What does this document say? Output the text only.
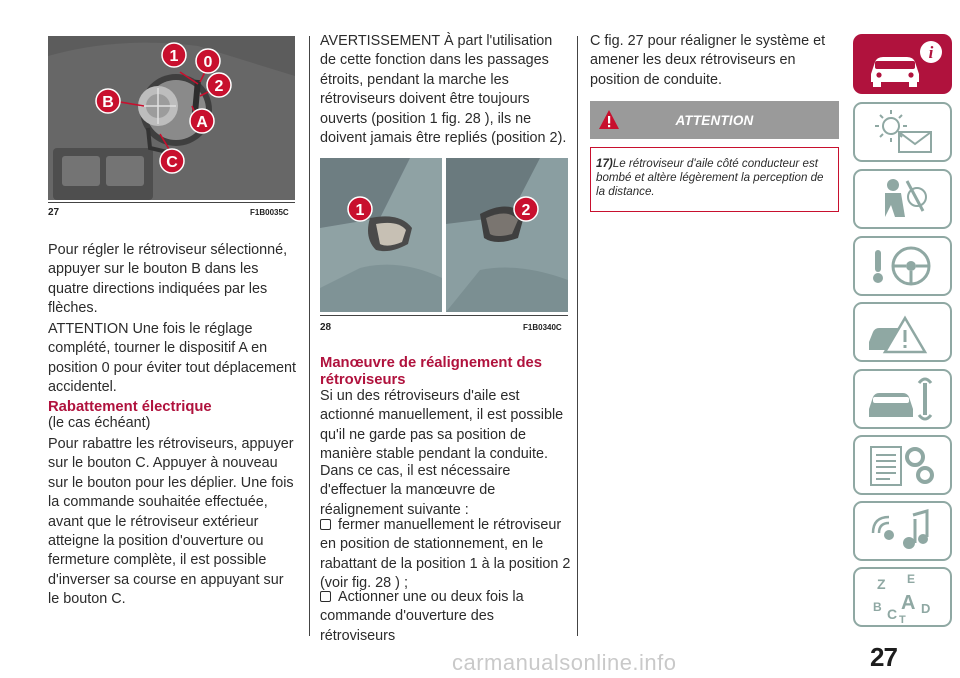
1 0
2
B
A
C
27	F1B0035C

Pour régler le rétroviseur sélectionné, appuyer sur le bouton B dans les quatre directions indiquées par les flèches.

ATTENTION Une fois le réglage complété, tourner le dispositif A en position 0 pour éviter tout déplacement accidentel.

Rabattement électrique

(le cas échéant)

Pour rabattre les rétroviseurs, appuyer sur le bouton C. Appuyer à nouveau sur le bouton pour les déplier. Une fois la commande souhaitée effectuée, avant que le rétroviseur extérieur atteigne la position d'ouverture ou fermeture complète, il est possible d'inverser sa course en appuyant sur le bouton C.

AVERTISSEMENT À part l'utilisation de cette fonction dans les passages étroits, pendant la marche les rétroviseurs doivent être toujours ouverts (position 1 fig. 28 ), ils ne doivent jamais être repliés (position 2).

1	2
28	F1B0340C

Manœuvre de réalignement des rétroviseurs

Si un des rétroviseurs d'aile est actionné manuellement, il est possible qu'il ne garde pas sa position de manière stable pendant la conduite.

Dans ce cas, il est nécessaire d'effectuer la manœuvre de réalignement suivante :

fermer manuellement le rétroviseur en position de stationnement, en le rabattant de la position 1 à la position 2 (voir fig. 28 ) ;

Actionner une ou deux fois la commande d'ouverture des rétroviseurs

C fig. 27 pour réaligner le système et amener les deux rétroviseurs en position de conduite.

ATTENTION
17)Le rétroviseur d'aile côté conducteur est bombé et altère légèrement la perception de la distance.
i
Z E
B A
C D
T
27
carmanualsonline.info
